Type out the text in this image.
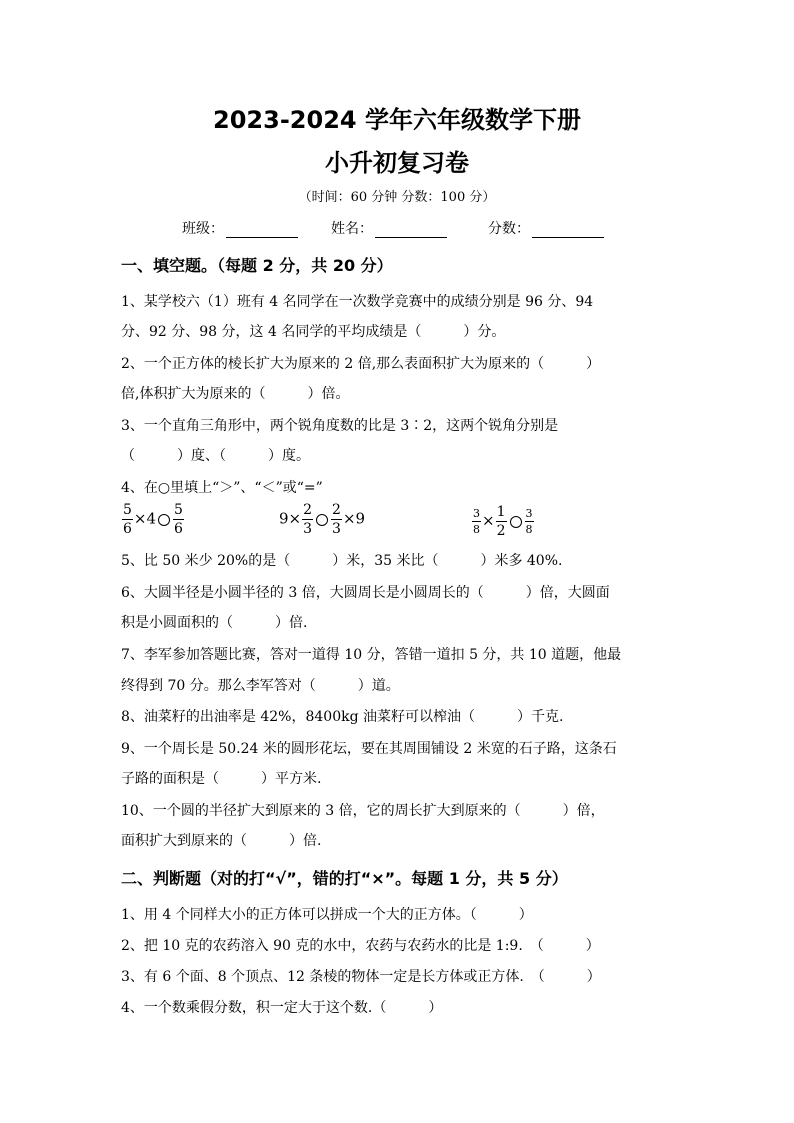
2023-2024 学年六年级数学下册
小升初复习卷
（时间：60 分钟 分数：100 分）
班级：	姓名：	分数：
一、填空题。（每题 2 分，共 20 分）
1、某学校六（1）班有 4 名同学在一次数学竞赛中的成绩分别是 96 分、94
分、92 分、98 分，这 4 名同学的平均成绩是（　　　）分。
2、一个正方体的棱长扩大为原来的 2 倍,那么表面积扩大为原来的（　　　）
倍,体积扩大为原来的（　　　）倍。
3、一个直角三角形中，两个锐角度数的比是 3∶2，这两个锐角分别是
（　　　）度、（　　　）度。
4、在○里填上“＞”、“＜”或“=”
$\frac{5}{6} \times 4 \frac{5}{6}$	$9\times \frac{2}{3} \frac{2}{3} \times 9$	$\frac{3}{8} \times \frac{1}{2} \frac{3}{8}$
5、比 50 米少 20%的是（　　　）米，35 米比（　　　）米多 40%.
6、大圆半径是小圆半径的 3 倍，大圆周长是小圆周长的（　　　）倍，大圆面
积是小圆面积的（　　　）倍.
7、李军参加答题比赛，答对一道得 10 分，答错一道扣 5 分，共 10 道题，他最
终得到 70 分。那么李军答对（　　　）道。
8、油菜籽的出油率是 42%，8400kg 油菜籽可以榨油（　　　）千克.
9、一个周长是 50.24 米的圆形花坛，要在其周围铺设 2 米宽的石子路，这条石
子路的面积是（　　　）平方米.
10、一个圆的半径扩大到原来的 3 倍，它的周长扩大到原来的（　　　）倍，
面积扩大到原来的（　　　）倍.
二、判断题（对的打“√”，错的打“×”。每题 1 分，共 5 分）
1、用 4 个同样大小的正方体可以拼成一个大的正方体。（　　　）
2、把 10 克的农药溶入 90 克的水中，农药与农药水的比是 1:9.　（　　　）
3、有 6 个面、8 个顶点、12 条棱的物体一定是长方体或正方体.　（　　　）
4、一个数乘假分数，积一定大于这个数.（　　　）
